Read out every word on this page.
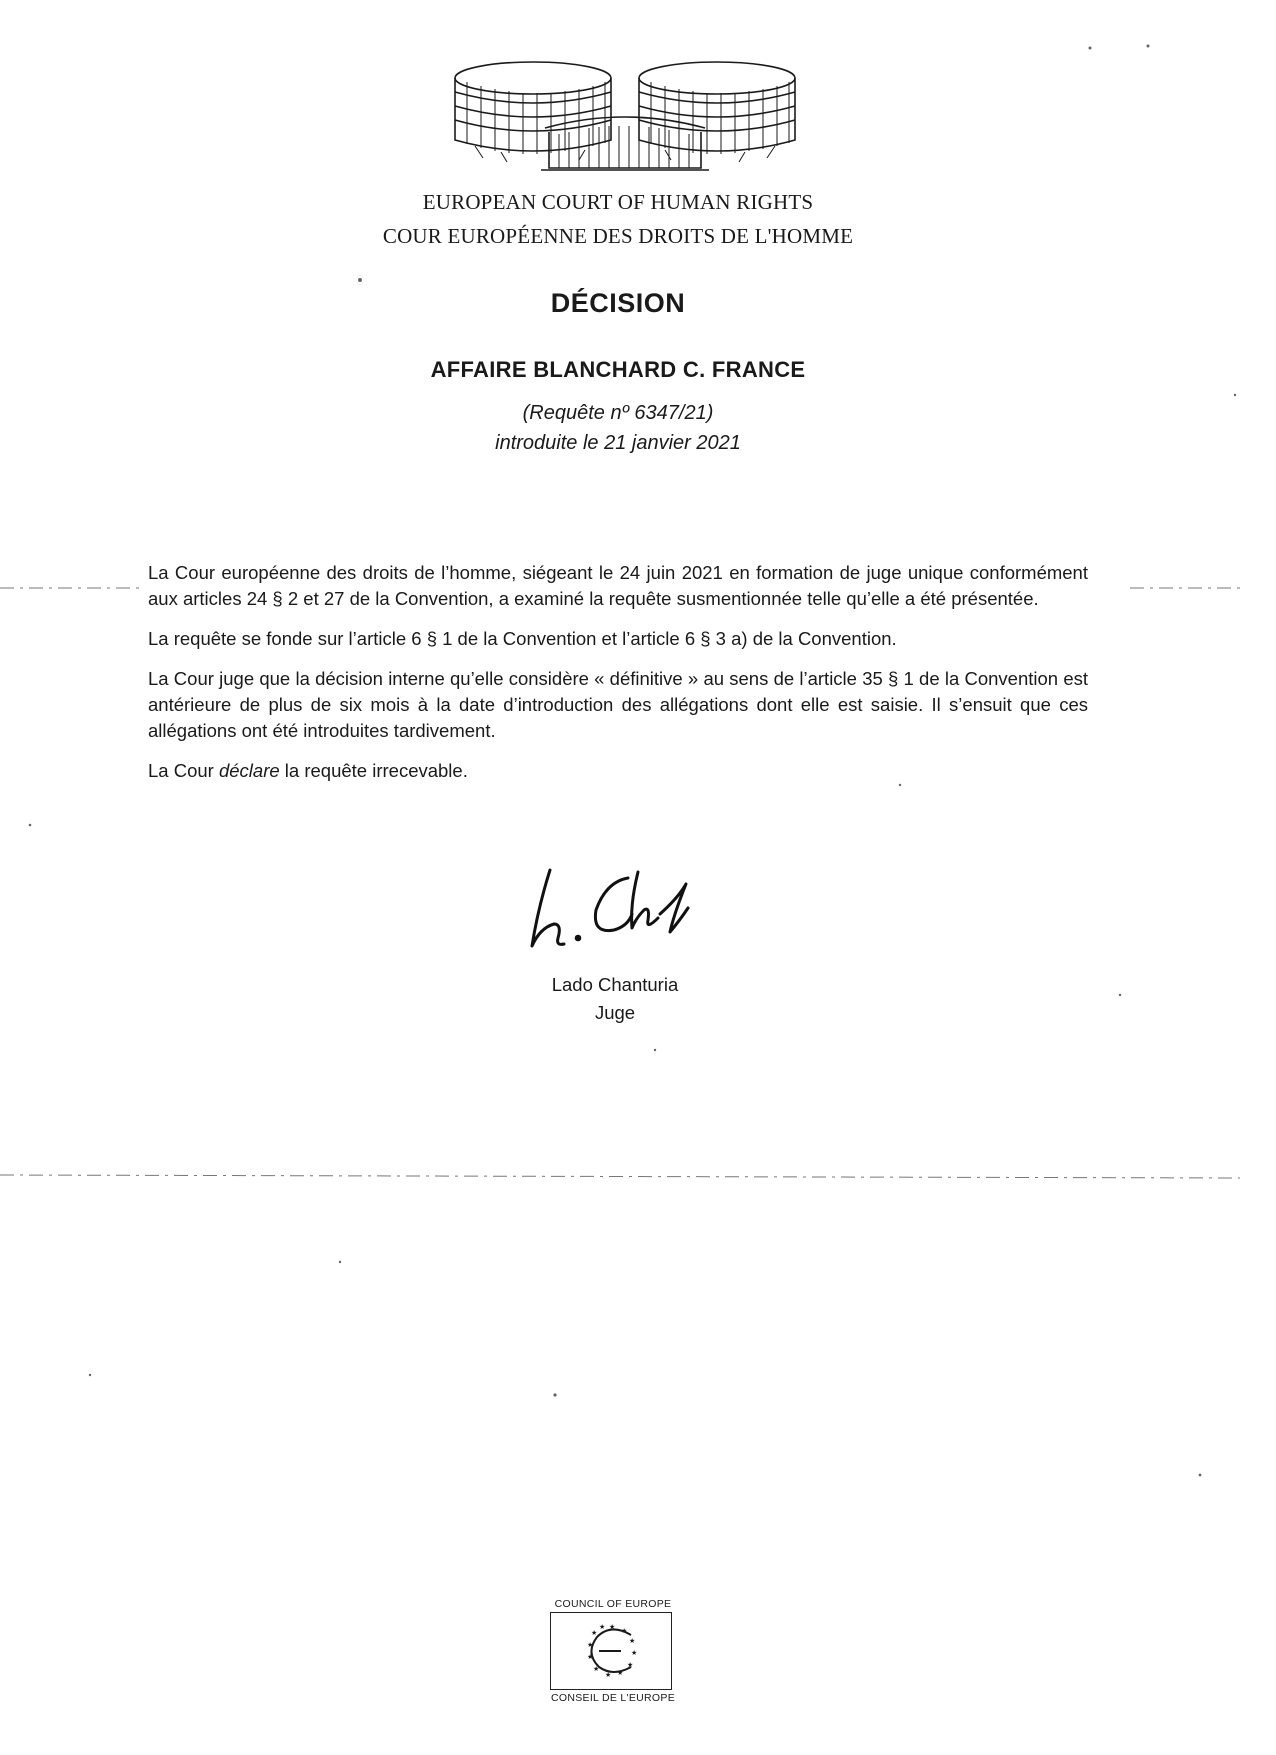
EUROPEAN COURT OF HUMAN RIGHTS
COUR EUROPÉENNE DES DROITS DE L'HOMME
DÉCISION
AFFAIRE BLANCHARD C. FRANCE
(Requête nº 6347/21)
introduite le 21 janvier 2021

La Cour européenne des droits de l’homme, siégeant le 24 juin 2021 en formation de juge unique conformément aux articles 24 § 2 et 27 de la Convention, a examiné la requête susmentionnée telle qu’elle a été présentée.

La requête se fonde sur l’article 6 § 1 de la Convention et l’article 6 § 3 a) de la Convention.

La Cour juge que la décision interne qu’elle considère « définitive » au sens de l’article 35 § 1 de la Convention est antérieure de plus de six mois à la date d’introduction des allégations dont elle est saisie. Il s’ensuit que ces allégations ont été introduites tardivement.

La Cour déclare la requête irrecevable.

Lado Chanturia
Juge
COUNCIL OF EUROPE
★ ★
★
★
★
★
★
★
★
★
★
★
CONSEIL DE L'EUROPE
